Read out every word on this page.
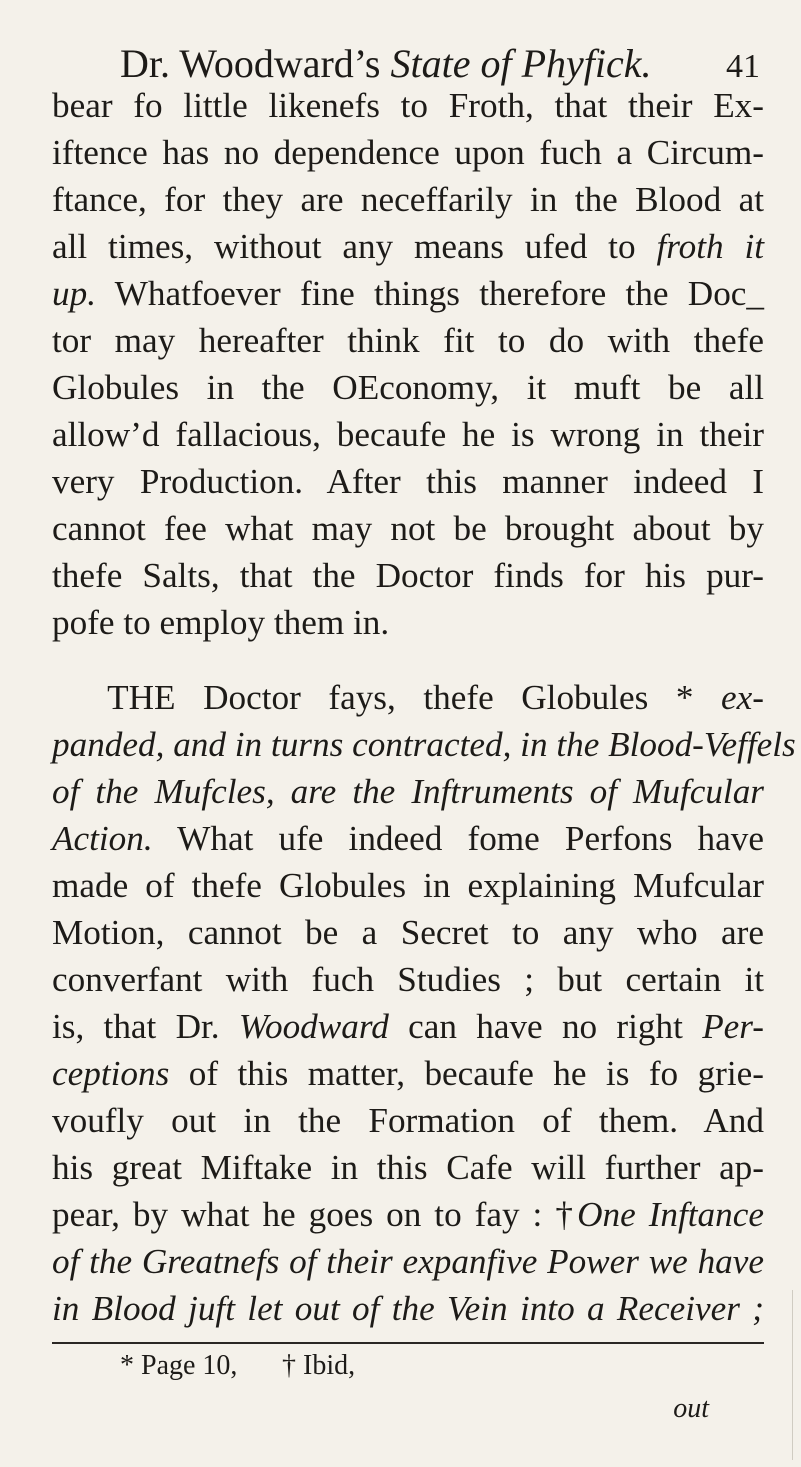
Dr. Woodward’s State of Phyfick. 41
bear fo little likenefs to Froth, that their Ex-
iftence has no dependence upon fuch a Circum-
ftance, for they are neceffarily in the Blood at
all times, without any means ufed to froth it
up. Whatfoever fine things therefore the Doc_
tor may hereafter think fit to do with thefe
Globules in the OEconomy, it muft be all
allow’d fallacious, becaufe he is wrong in their
very Production. After this manner indeed I
cannot fee what may not be brought about by
thefe Salts, that the Doctor finds for his pur-
pofe to employ them in.
THE Doctor fays, thefe Globules * ex-
panded, and in turns contracted, in the Blood-Veffels
of the Mufcles, are the Inftruments of Mufcular
Action. What ufe indeed fome Perfons have
made of thefe Globules in explaining Mufcular
Motion, cannot be a Secret to any who are
converfant with fuch Studies ; but certain it
is, that Dr. Woodward can have no right Per-
ceptions of this matter, becaufe he is fo grie-
voufly out in the Formation of them. And
his great Miftake in this Cafe will further ap-
pear, by what he goes on to fay : †One Inftance
of the Greatnefs of their expanfive Power we have
in Blood juft let out of the Vein into a Receiver ;
* Page 10, † Ibid,
out
